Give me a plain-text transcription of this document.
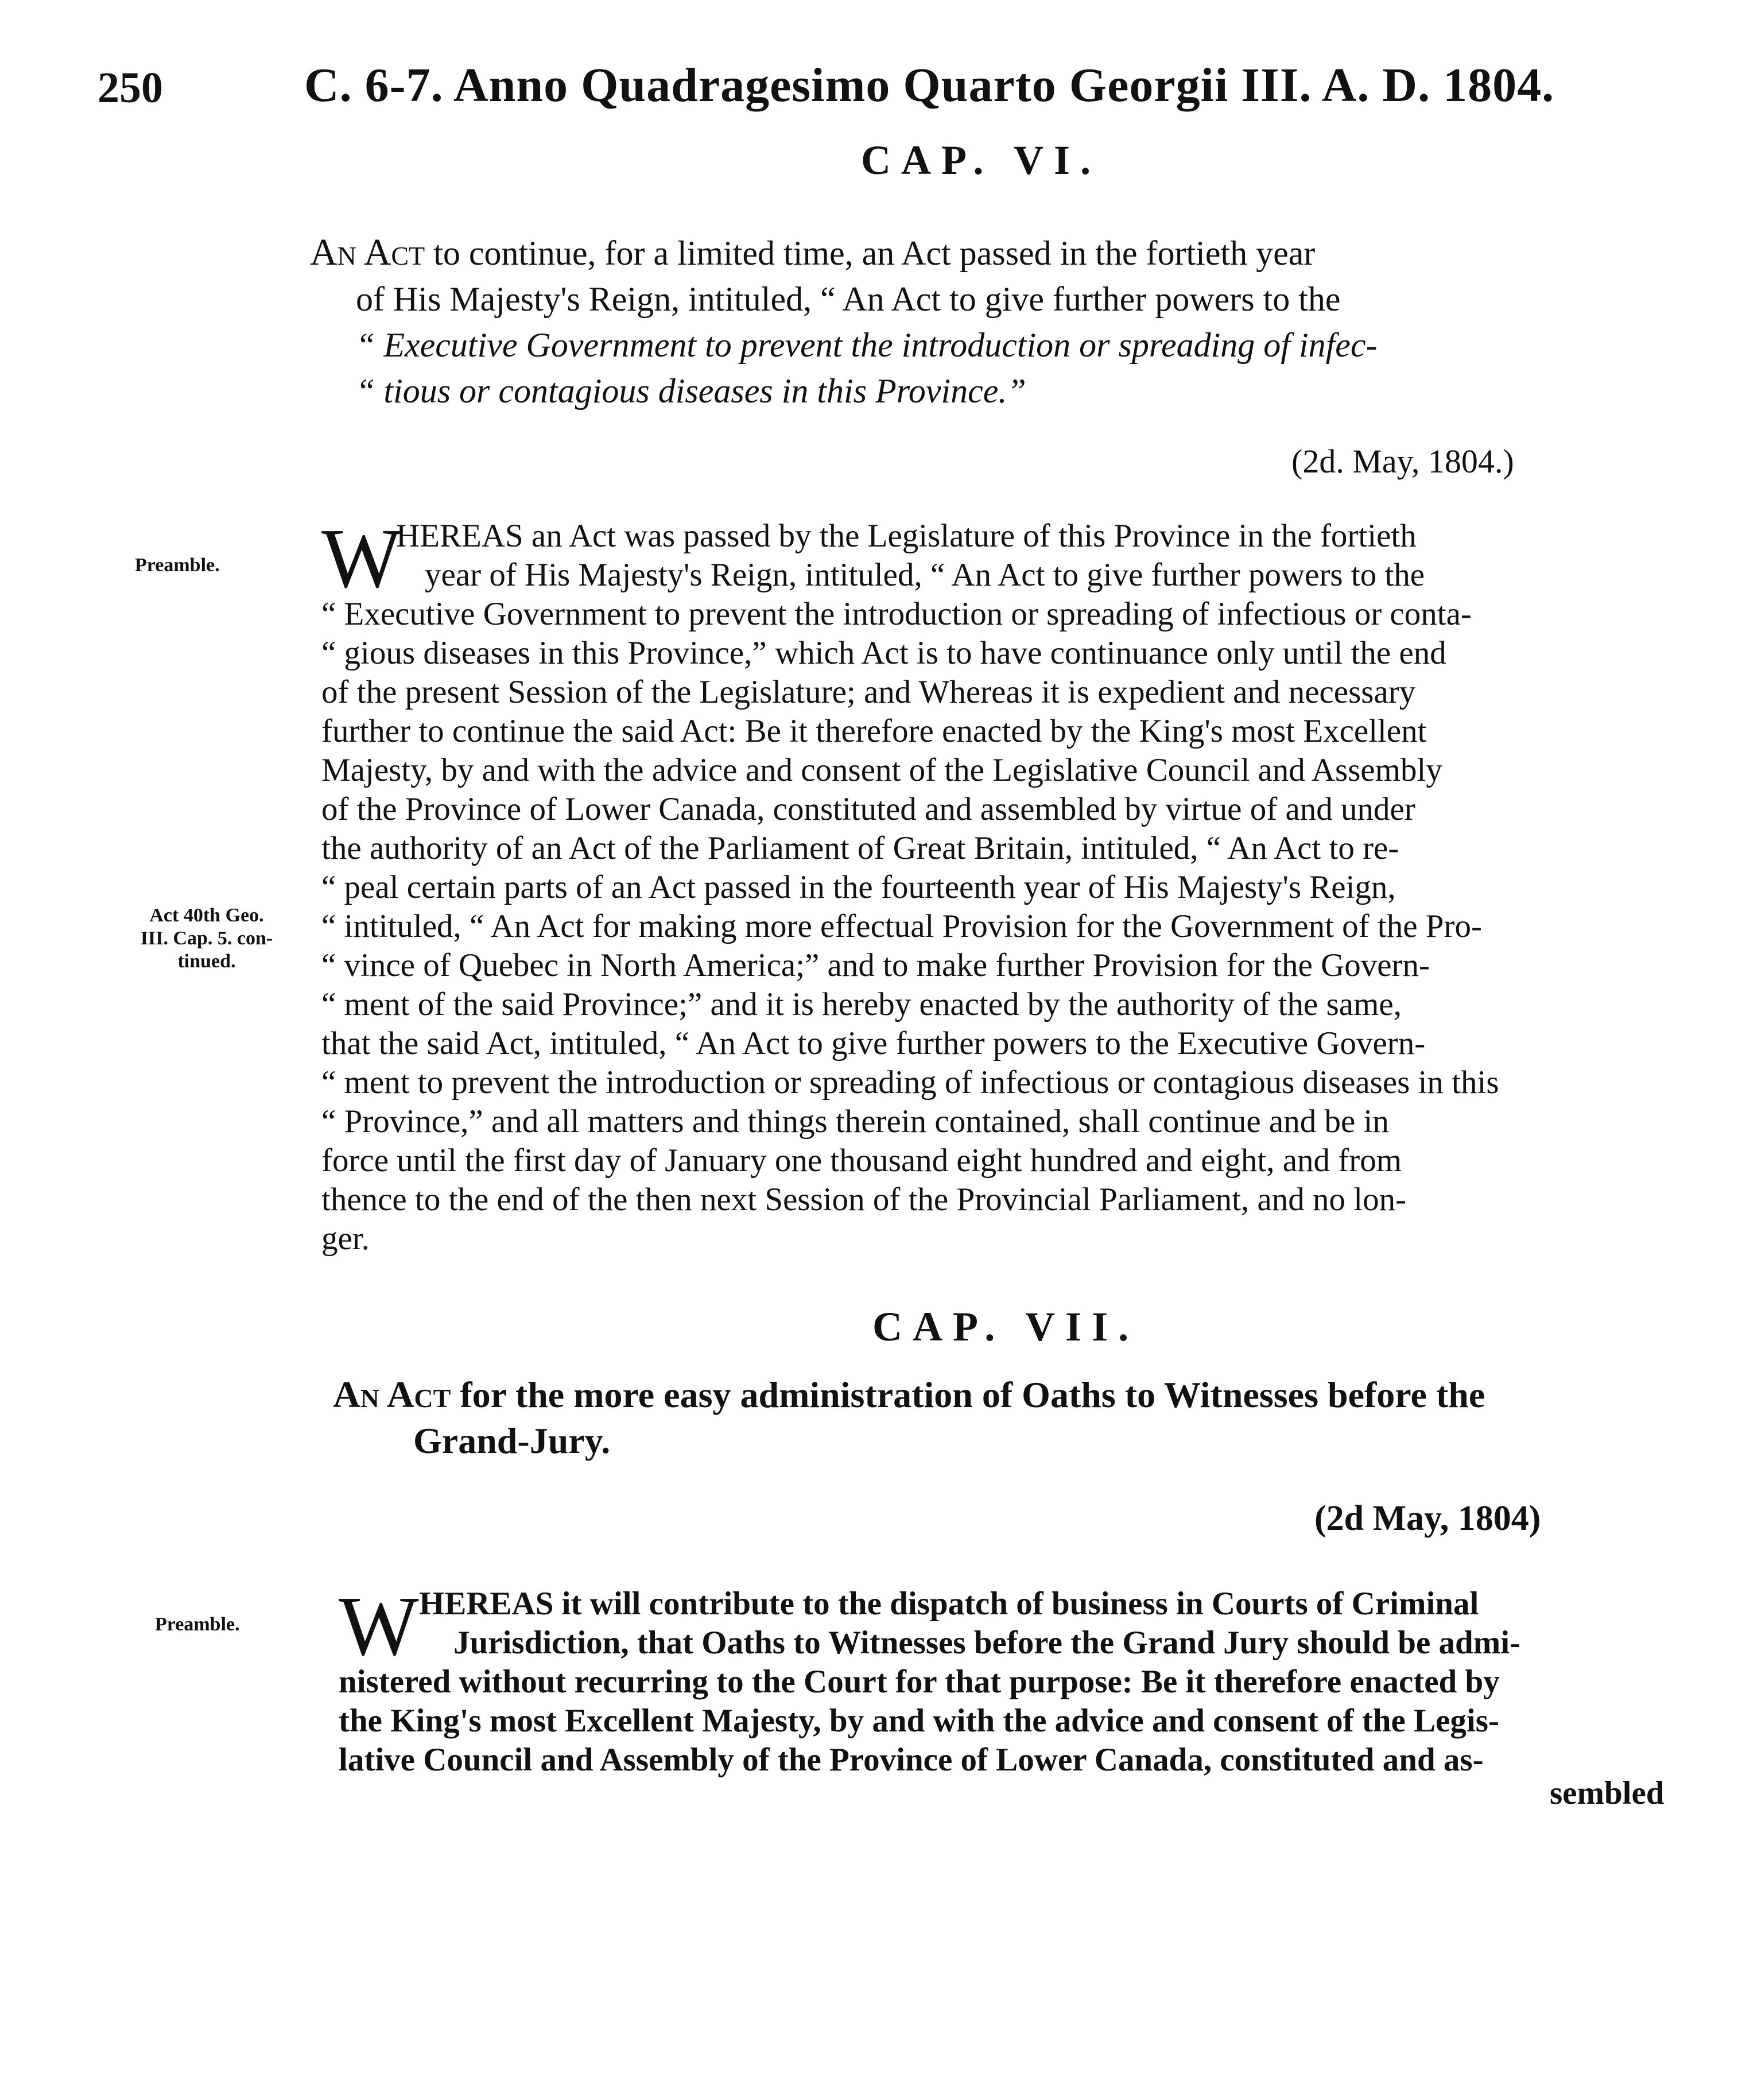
250	C. 6-7. Anno Quadragesimo Quarto Georgii III. A. D. 1804.
CAP. VI.
An Act to continue, for a limited time, an Act passed in the fortieth year
of His Majesty's Reign, intituled, “ An Act to give further powers to the
“ Executive Government to prevent the introduction or spreading of infec-
“ tious or contagious diseases in this Province.”
(2d. May, 1804.)
Preamble.
Act 40th Geo.
III. Cap. 5. con-
tinued.
W
HEREAS an Act was passed by the Legislature of this Province in the fortieth
year of His Majesty's Reign, intituled, “ An Act to give further powers to the
“ Executive Government to prevent the introduction or spreading of infectious or conta-
“ gious diseases in this Province,” which Act is to have continuance only until the end
of the present Session of the Legislature; and Whereas it is expedient and necessary
further to continue the said Act: Be it therefore enacted by the King's most Excellent
Majesty, by and with the advice and consent of the Legislative Council and Assembly
of the Province of Lower Canada, constituted and assembled by virtue of and under
the authority of an Act of the Parliament of Great Britain, intituled, “ An Act to re-
“ peal certain parts of an Act passed in the fourteenth year of His Majesty's Reign,
“ intituled, “ An Act for making more effectual Provision for the Government of the Pro-
“ vince of Quebec in North America;” and to make further Provision for the Govern-
“ ment of the said Province;” and it is hereby enacted by the authority of the same,
that the said Act, intituled, “ An Act to give further powers to the Executive Govern-
“ ment to prevent the introduction or spreading of infectious or contagious diseases in this
“ Province,” and all matters and things therein contained, shall continue and be in
force until the first day of January one thousand eight hundred and eight, and from
thence to the end of the then next Session of the Provincial Parliament, and no lon-
ger.
CAP. VII.
An Act for the more easy administration of Oaths to Witnesses before the
Grand-Jury.
(2d May, 1804)
Preamble. W HEREAS it will contribute to the dispatch of business in Courts of Criminal
Jurisdiction, that Oaths to Witnesses before the Grand Jury should be admi-
nistered without recurring to the Court for that purpose: Be it therefore enacted by
the King's most Excellent Majesty, by and with the advice and consent of the Legis-
lative Council and Assembly of the Province of Lower Canada, constituted and as-
sembled
